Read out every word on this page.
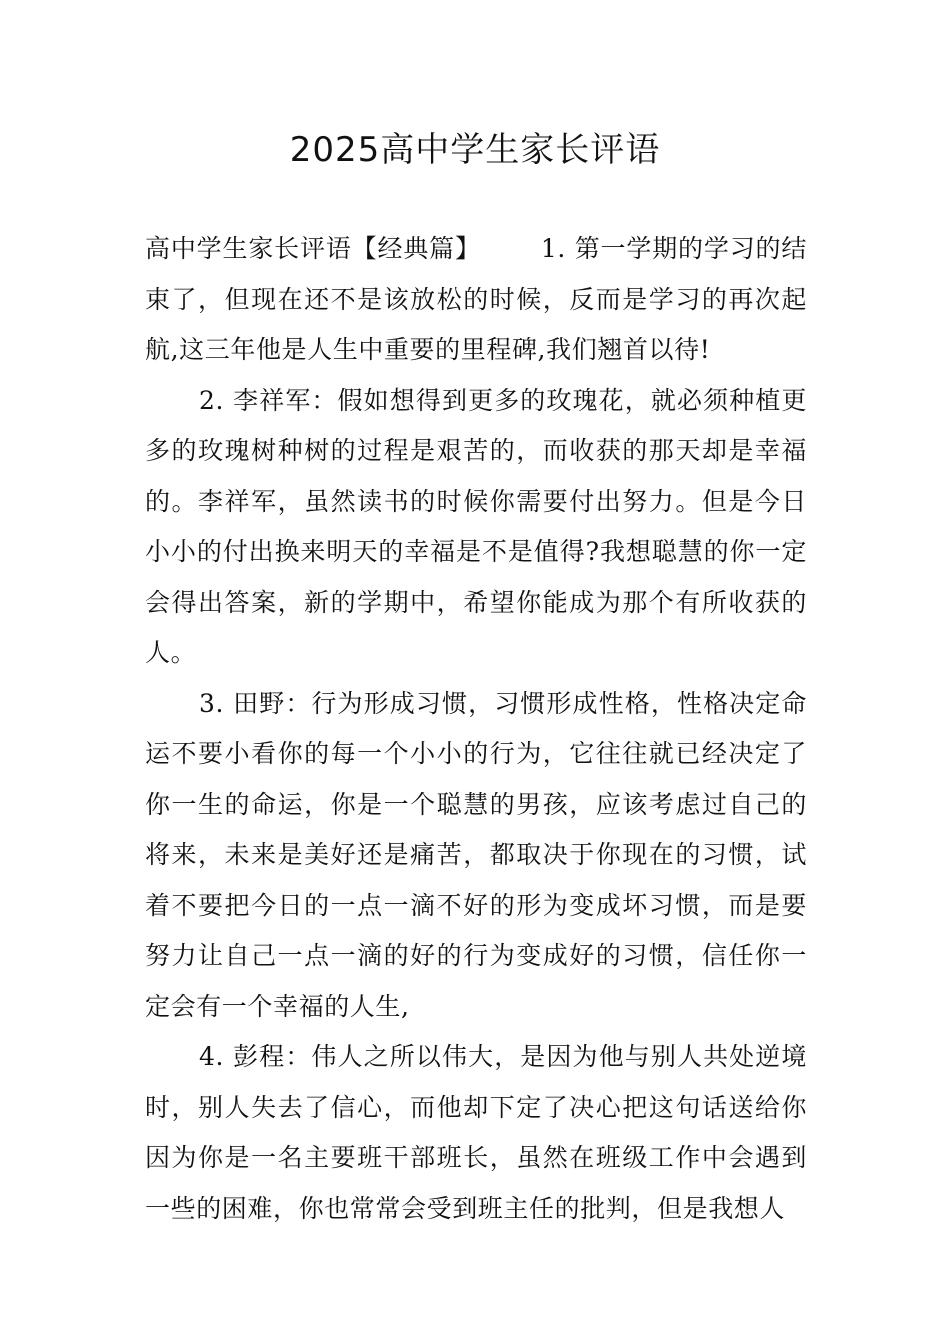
2025高中学生家长评语

高中学生家长评语【经典篇】 1. 第一学期的学习的结束了，但现在还不是该放松的时候，反而是学习的再次起航,这三年他是人生中重要的里程碑,我们翘首以待!

2. 李祥军：假如想得到更多的玫瑰花，就必须种植更多的玫瑰树种树的过程是艰苦的，而收获的那天却是幸福的。李祥军，虽然读书的时候你需要付出努力。但是今日小小的付出换来明天的幸福是不是值得?我想聪慧的你一定会得出答案，新的学期中，希望你能成为那个有所收获的人。

3. 田野：行为形成习惯，习惯形成性格，性格决定命运不要小看你的每一个小小的行为，它往往就已经决定了你一生的命运，你是一个聪慧的男孩，应该考虑过自己的将来，未来是美好还是痛苦，都取决于你现在的习惯，试着不要把今日的一点一滴不好的形为变成坏习惯，而是要努力让自己一点一滴的好的行为变成好的习惯，信任你一定会有一个幸福的人生,

4. 彭程：伟人之所以伟大，是因为他与别人共处逆境时，别人失去了信心，而他却下定了决心把这句话送给你因为你是一名主要班干部班长，虽然在班级工作中会遇到一些的困难，你也常常会受到班主任的批判，但是我想人
